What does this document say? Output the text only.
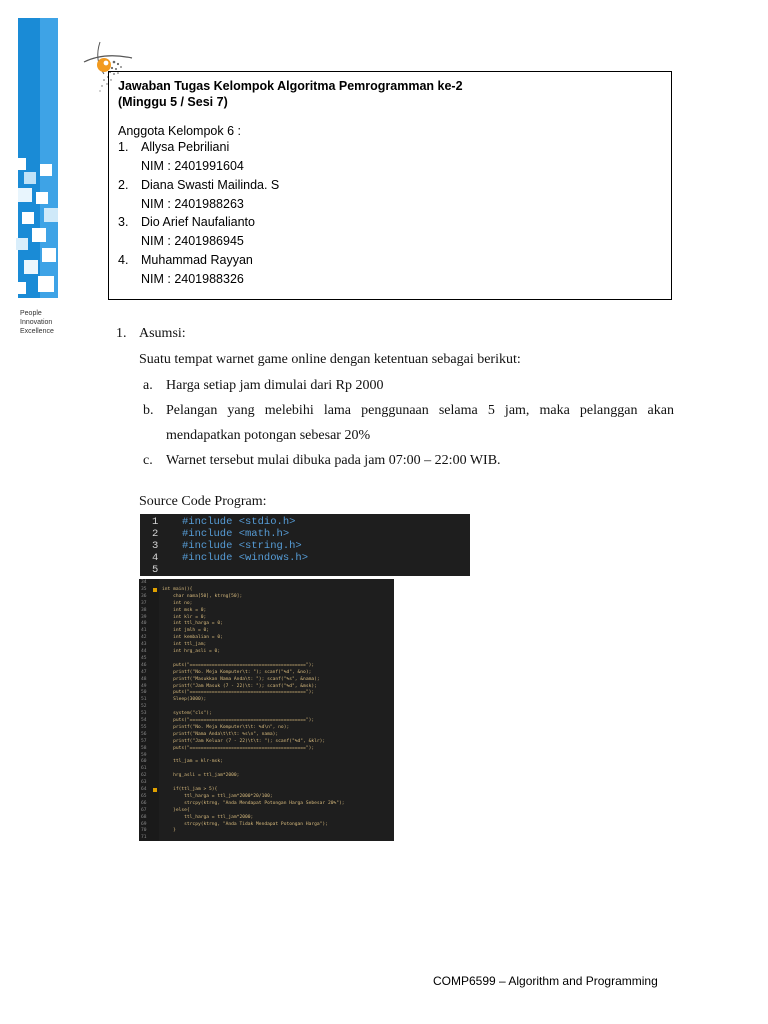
People
Innovation
Excellence
Jawaban Tugas Kelompok Algoritma Pemrogramman ke-2
(Minggu 5 / Sesi 7)
Anggota Kelompok 6 :
1. Allysa Pebriliani
NIM : 2401991604
2. Diana Swasti Mailinda. S
NIM : 2401988263
3. Dio Arief Naufalianto
NIM : 2401986945
4. Muhammad Rayyan
NIM : 2401988326
1. Asumsi:
Suatu tempat warnet game online dengan ketentuan sebagai berikut:
a. Harga setiap jam dimulai dari Rp 2000
b. Pelangan yang melebihi lama penggunaan selama 5 jam, maka pelanggan akan
mendapatkan potongan sebesar 20%
c. Warnet tersebut mulai dibuka pada jam 07:00 – 22:00 WIB.
Source Code Program:
1 #include <stdio.h>
2 #include <math.h>
3 #include <string.h>
4 #include <windows.h>
5
34
35	int main(){
36	char nama[50], ktrng[50];
37	int no;
38	int msk = 0;
39	int klr = 0;
40	int ttl_harga = 0;
41	int jmlh = 0;
42	int kembalian = 0;
43	int ttl_jam;
44	int hrg_asli = 0;
45
46	puts("==========================================");
47	printf("No. Meja Komputer\t: "); scanf("%d", &no);
48	printf("Masukkan Nama Anda\t: "); scanf("%s", &nama);
49	printf("Jam Masuk (7 - 22)\t: "); scanf("%d", &msk);
50	puts("==========================================");
51	Sleep(3000);
52
53	system("cls");
54	puts("==========================================");
55	printf("No. Meja Komputer\t\t: %d\n", no);
56	printf("Nama Anda\t\t\t: %s\n", nama);
57	printf("Jam Keluar (7 - 22)\t\t: "); scanf("%d", &klr);
58	puts("==========================================");
59
60	ttl_jam = klr-msk;
61
62	hrg_asli = ttl_jam*2000;
63
64	if(ttl_jam > 5){
65	ttl_harga = ttl_jam*2000*20/100;
66	strcpy(ktrng, "Anda Mendapat Potongan Harga Sebesar 20%");
67	}else{
68	ttl_harga = ttl_jam*2000;
69	strcpy(ktrng, "Anda Tidak Mendapat Potongan Harga");
70	}
71
COMP6599 – Algorithm and Programming
